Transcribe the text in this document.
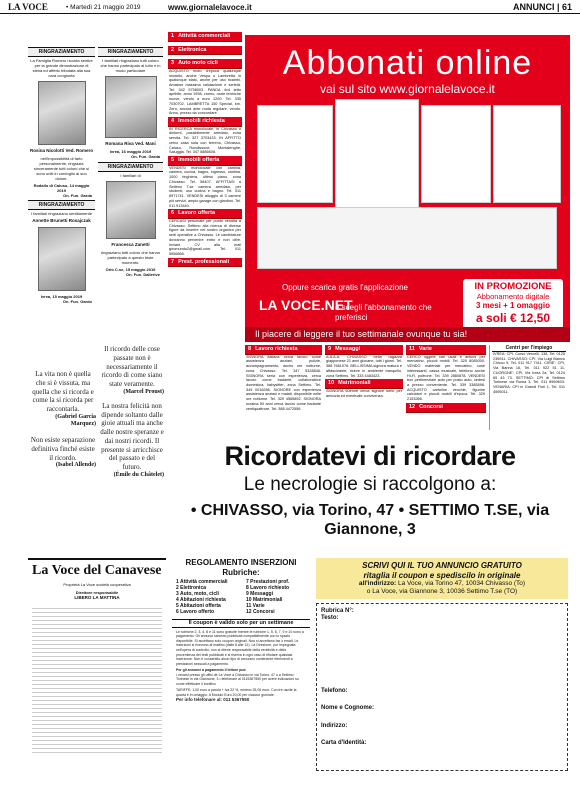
LA VOCE	• Martedì 21 maggio 2019	www.giornalelavoce.it	ANNUNCI | 61
RINGRAZIAMENTO
La Famiglia Romero ricorda sentire per la grande dimostrazione di stima ed affetto tributata alla sua cara congiunta
Rosina Nicolotti Ved. Romero
nell'impossibilità di farlo personalmente, ringrazia sinceramente tutti coloro che si sono uniti in cordoglio al suo dolore.
Rodallo di Caluso, 14 maggio 2019
On. Fun. Garda
RINGRAZIAMENTO
I familiari ringraziano sentitamente
Annette Brunetti Rosajczak
Ivrea, 15 maggio 2019
On. Fun. Gardo
RINGRAZIAMENTO
I familiari ringraziano tutti coloro che hanno partecipato al lutto e in modo particolare
Romana Riva Ved. Mani
Ivrea, 16 maggio 2019
On. Fun. Garda
RINGRAZIAMENTO
I familiari di
Francesca Zanetti
ringraziano tutti coloro che hanno partecipato a questo triste momento.
Orio C.se, 15 maggio 2019
On. Fun. Dallerive
La vita non è quella che si è vissuta, ma quella che si ricorda e come la si ricorda per raccontarla.
(Gabriel Garcia Marquez)
Non esiste separazione definitiva finché esiste il ricordo.
(Isabel Allende)
Il ricordo delle cose passate non è necessariamente il ricordo di come siano state veramente.
(Marcel Proust)
La nostra felicità non dipende soltanto dalle gioie attuali ma anche dalle nostre speranze e dai nostri ricordi. Il presente si arricchisce del passato e del futuro.
(Émile du Châtelet)
1 Attività commerciali
2 Elettronica
3 Auto moto cicli
ACQUISTO moto d'epoca qualunque modello, anche Vespa o Lambretta in qualunque stato, anche per uso ricambi. Amatore massima valutazione e serietà. Tel. 342 5758003. PANDA 4x4 tetto apribile, anno 1998, cromo, ruote termiche nuove, vendo a euro 1200. Tel. 335 7030702. LAMBRETTA 150 Special, km. Zero, ancora ante ruota regolare, vendo. Anno, prezzo da concordare.
4 Immobili richiesta
IN RICERCA monolocale, in Chivasso o dintorni, possibilmente arredato, zona servita. Tel. 327 3703433. IN AFFITTO cerco casa sola con terreno, Chivasso, Caluso, Rondissone, Montalenghe, Saluggia. Tel. 347 5886608.
5 Immobili offerta
VENDESI monolocale con cantina, camera, cucina, bagno, ingresso, cantina. 1000 ringhiera, ultimo piano, zona Chivasso. Tel. 58407. AFFITTASI a Settimo T.se camera arredata, per studenti, uso cucina e bagno. Tel. 011 8971741. VENDESI alloggio di 3 camere più servizi, ampio garage con giardino. Tel. 011 913440.
6 Lavoro offerta
CERCASI personale per punto vendita a Chivasso. Settimo alla ricerca di diverse figure da inserire nel nostro organico per sedi operative a Chivasso. Le candidature dovranno pervenire entro e non oltre. Inviare CV alla mail giromundo2@gmail.com. Tel. 011 5556666.
7 Prest. professionali
8 Lavoro richiesta
SIGNORA italiana cerca lavoro come assistenza anziani, pulizie, accompagnamento, anche ore notturne, zona Chivasso. Tel. 347 5328846. SIGNORA seria con esperienza, cerca lavoro come badante, collaboratrice domestica, babysitter, zona Settimo. Tel. 349 0016286. SIGNORE con esperienza assistenza anziani e malati, disponibile nelle ore notturne. Tel. 329 4565892. SIGNORA ucraina 50 anni cerca lavoro come badante ventiquattrore. Tel. 388 4472556.
9 Messaggi
A.A.A.A. CHIVASSO bella ragazza giapponese 21 anni giovane, tutti i giorni. Tel. 388 7681076. BELLISSIMA signora matura e affascinante, riceve in ambiente tranquillo, zona Settimo. Tel. 333 4483423.
10 Matrimoniali
SIGNORA 60enne cerca signore serio per amicizia ed eventuale convivenza.
11 Varie
CERCO oggetti vari usati e antichi per mercatino, piccoli mobili. Tel. 320 8085000. VENDO materiale per mercatino, cose interessanti, cassa musicale, telefono anche Hi-Fi, poltrone. Tel. 339 2880878. VENDESI box pertinenziale auto per posto auto, cedesi a prezzo conveniente. Tel. 339 3385598. ACQUISTO cartoline vecchie, figurine calciatori e piccoli mobili d'epoca. Tel. 329 2153266.
12 Concorsi
Centri per l'impiego
IVREA: CPI, Corso Vercelli, 138, Tel. 0125 235911. CHIVASSO: CPI, Via Luigi Bianco Chicco 9, Tel. 011 917 7411. CIRIE': CPI, Via Banna 16, Tel. 011 922 51 11. CUORGNE': CPI, Via Ivrea 2a, Tel. 0124 65 43 73. SETTIMO: CPI di Settimo Torinese via Roma 3, Tel. 011 8969603. VENARIA: CPI in Grandi Fiori 1, Tel. 011 4595011.
Abbonati online
vai sul sito www.giornalelavoce.it
Oppure scarica gratis l'applicazione
LA VOCE.NET
e scegli l'abbonamento che preferisci
IN PROMOZIONE
Abbonamento digitale
3 mesi + 1 omaggio
a soli € 12,50
Il piacere di leggere il tuo settimanale ovunque tu sia!
Ricordatevi di ricordare
Le necrologie si raccolgono a:
• CHIVASSO, via Torino, 47 • SETTIMO T.SE, via Giannone, 3
La Voce del Canavese
Proprietà La Voce società cooperativa
Direttore responsabile
LIBERO LA MATTINA
REGOLAMENTO INSERZIONI
Rubriche:
1 Attività commerciali
2 Elettronica
3 Auto, moto, cicli
4 Abitazioni richiesta
5 Abitazioni offerta
6 Lavoro offerto
7 Prestazioni prof.
8 Lavoro richiesto
9 Messaggi
10 Matrimoniali
11 Varie
12 Concorsi
Il coupon è valido solo per un settimane
Le rubriche 2, 3, 4, 8 e 11 sono gratuite mentre le rubriche 1, 5, 6, 7, 9 e 10 sono a pagamento. Gli annunci saranno pubblicati compatibilmente con lo spazio disponibile. Si accettano solo coupon originali. Non si accettano fax o email. Le inserzioni si ricevono al mattino (dalle 8 alle 12). La Direzione, pur impegnata nell'opera di controllo, non si ritiene responsabile della veridicità e della provenienza dei testi pubblicati e si riserva in ogni caso di rifiutare qualsiasi inserzione. Non è consentito alcun tipo di annuncio contenente riferimenti a prestazioni sessuali a pagamento.
Per gli annunci a pagamento il lettore può
• recarsi presso gli uffici de La Voce a Chivasso in via Torino, 47 o a Settimo Torinese in via Giannone, 3 • telefonare al 0115367550 per avere indicazioni su come effettuare il bonifico
TARIFFE: 1,00 euro a parola + Iva 22 %, minimo 25,00 euro. Con tre uscite la quarta è in omaggio. A Modulo Euro 20,00 per ciascun giornale.
Per info telefonare al: 011 5367550
SCRIVI QUI IL TUO ANNUNCIO GRATUITO
ritaglia il coupon e spediscilo in originale
all'indirizzo: La Voce, via Torino 47, 10034 Chivasso (To)
o La Voce, via Giannone 3, 10036 Settimo T.se (TO)
Rubrica N°:
Testo:
Telefono:
Nome e Cognome:
Indirizzo:
Carta d'Identità:
